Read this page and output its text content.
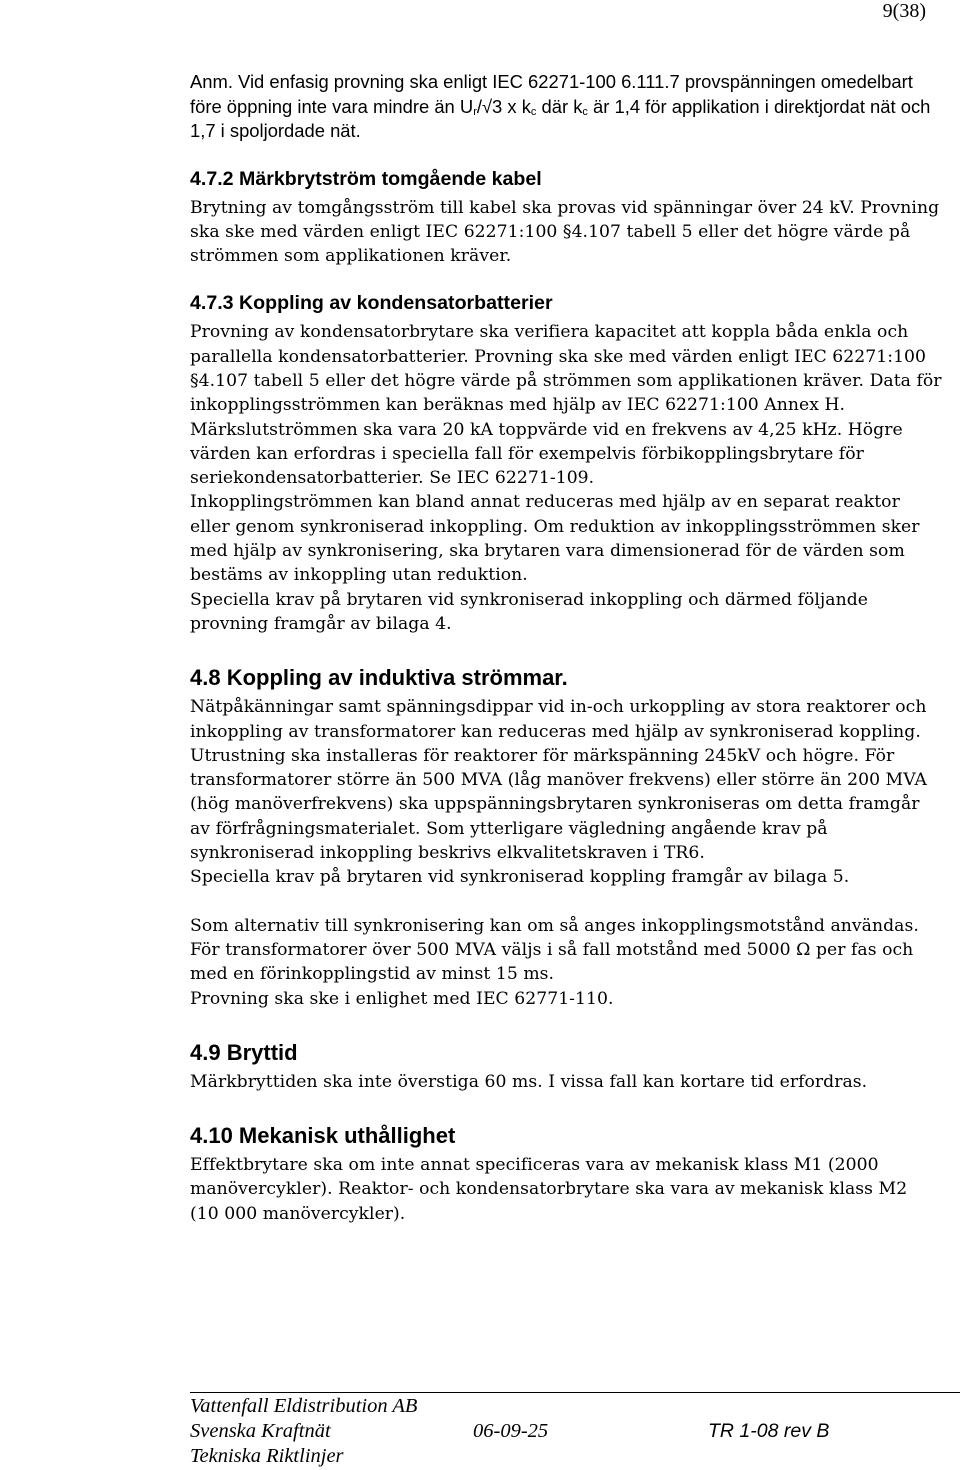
9(38)

Anm. Vid enfasig provning ska enligt IEC 62271-100 6.111.7 provspänningen omedelbart före öppning inte vara mindre än $U_r/√3$ x $k_c$ där $k_c$ är 1,4 för applikation i direktjordat nät och 1,7 i spoljordade nät.

4.7.2 Märkbrytström tomgående kabel

Brytning av tomgångsström till kabel ska provas vid spänningar över 24 kV. Provning ska ske med värden enligt IEC 62271:100 §4.107 tabell 5 eller det högre värde på strömmen som applikationen kräver.

4.7.3 Koppling av kondensatorbatterier

Provning av kondensatorbrytare ska verifiera kapacitet att koppla båda enkla och parallella kondensatorbatterier. Provning ska ske med värden enligt IEC 62271:100 §4.107 tabell 5 eller det högre värde på strömmen som applikationen kräver. Data för inkopplingsströmmen kan beräknas med hjälp av IEC 62271:100 Annex H.

Märkslutströmmen ska vara 20 kA toppvärde vid en frekvens av 4,25 kHz. Högre värden kan erfordras i speciella fall för exempelvis förbikopplingsbrytare för seriekondensatorbatterier. Se IEC 62271-109.

Inkopplingströmmen kan bland annat reduceras med hjälp av en separat reaktor eller genom synkroniserad inkoppling. Om reduktion av inkopplingsströmmen sker med hjälp av synkronisering, ska brytaren vara dimensionerad för de värden som bestäms av inkoppling utan reduktion.

Speciella krav på brytaren vid synkroniserad inkoppling och därmed följande provning framgår av bilaga 4.

4.8 Koppling av induktiva strömmar.

Nätpåkänningar samt spänningsdippar vid in-och urkoppling av stora reaktorer och inkoppling av transformatorer kan reduceras med hjälp av synkroniserad koppling. Utrustning ska installeras för reaktorer för märkspänning 245kV och högre. För transformatorer större än 500 MVA (låg manöver frekvens) eller större än 200 MVA (hög manöverfrekvens) ska uppspänningsbrytaren synkroniseras om detta framgår av förfrågningsmaterialet. Som ytterligare vägledning angående krav på synkroniserad inkoppling beskrivs elkvalitetskraven i TR6.

Speciella krav på brytaren vid synkroniserad koppling framgår av bilaga 5.

Som alternativ till synkronisering kan om så anges inkopplingsmotstånd användas. För transformatorer över 500 MVA väljs i så fall motstånd med 5000 Ω per fas och med en förinkopplingstid av minst 15 ms.

Provning ska ske i enlighet med IEC 62771-110.

4.9 Bryttid

Märkbryttiden ska inte överstiga 60 ms. I vissa fall kan kortare tid erfordras.

4.10 Mekanisk uthållighet

Effektbrytare ska om inte annat specificeras vara av mekanisk klass M1 (2000 manövercykler). Reaktor- och kondensatorbrytare ska vara av mekanisk klass M2

(10 000 manövercykler).

Vattenfall Eldistribution AB
Svenska Kraftnät
Tekniska Riktlinjer
06-09-25	TR 1-08 rev B
